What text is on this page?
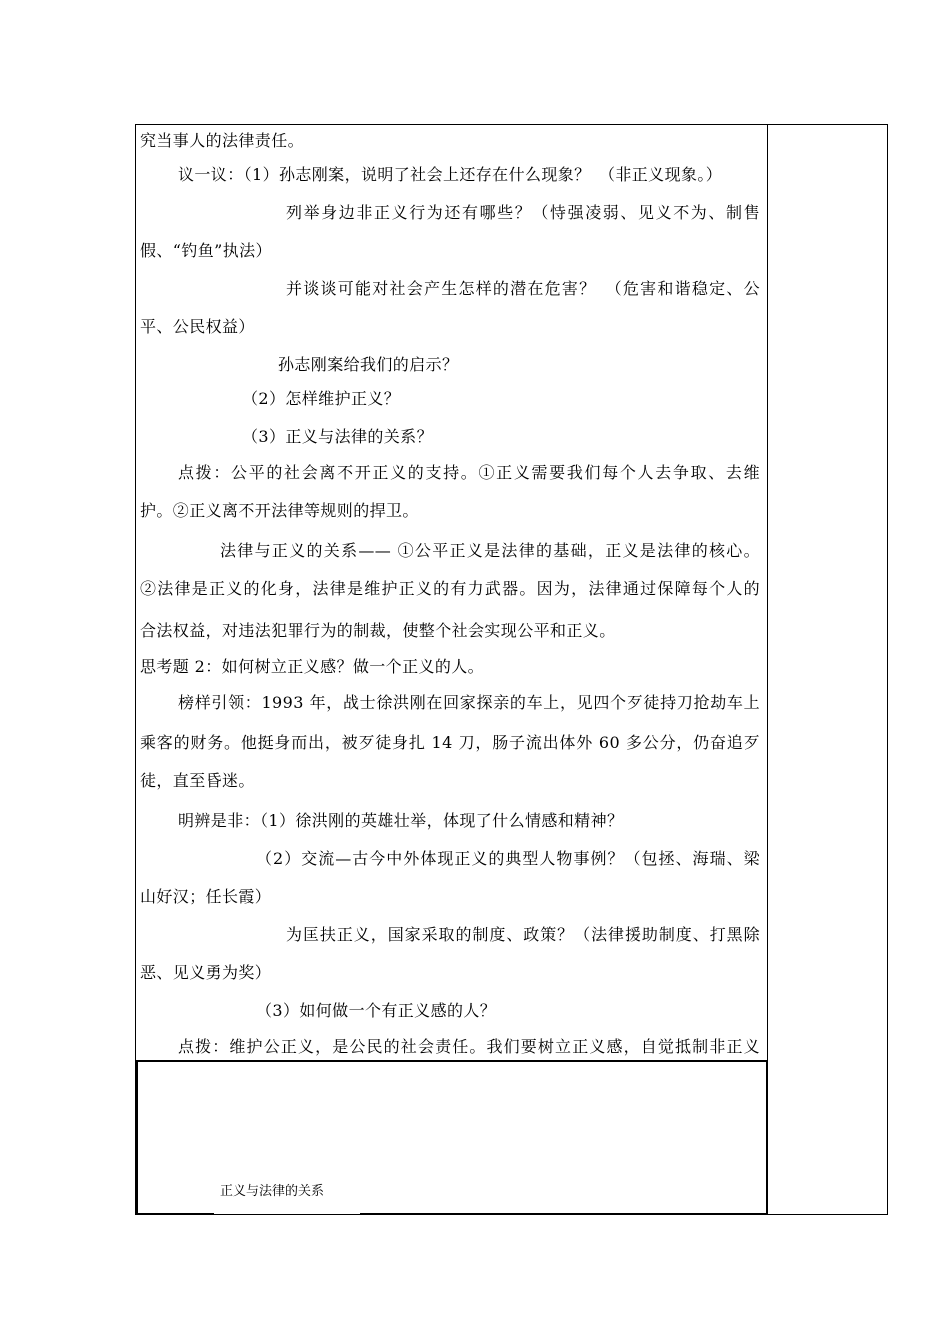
究当事人的法律责任。
议一议：（1）孙志刚案，说明了社会上还存在什么现象？　（非正义现象。）
列举身边非正义行为还有哪些？（恃强凌弱、见义不为、制售
假、“钓鱼”执法）
并谈谈可能对社会产生怎样的潜在危害？　（危害和谐稳定、公
平、公民权益）
孙志刚案给我们的启示？
（2）怎样维护正义？
（3）正义与法律的关系？
点拨：公平的社会离不开正义的支持。①正义需要我们每个人去争取、去维
护。②正义离不开法律等规则的捍卫。
法律与正义的关系—— ①公平正义是法律的基础，正义是法律的核心。
②法律是正义的化身，法律是维护正义的有力武器。因为，法律通过保障每个人的
合法权益，对违法犯罪行为的制裁，使整个社会实现公平和正义。
思考题 2：如何树立正义感？做一个正义的人。
榜样引领：1993 年，战士徐洪刚在回家探亲的车上，见四个歹徒持刀抢劫车上
乘客的财务。他挺身而出，被歹徒身扎 14 刀，肠子流出体外 60 多公分，仍奋追歹
徒，直至昏迷。
明辨是非：（1）徐洪刚的英雄壮举，体现了什么情感和精神？
（2）交流—古今中外体现正义的典型人物事例？（包拯、海瑞、梁
山好汉；任长霞）
为匡扶正义，国家采取的制度、政策？（法律援助制度、打黑除
恶、见义勇为奖）
（3）如何做一个有正义感的人？
点拨：维护公正义，是公民的社会责任。我们要树立正义感，自觉抵制非正义
正义与法律的关系
